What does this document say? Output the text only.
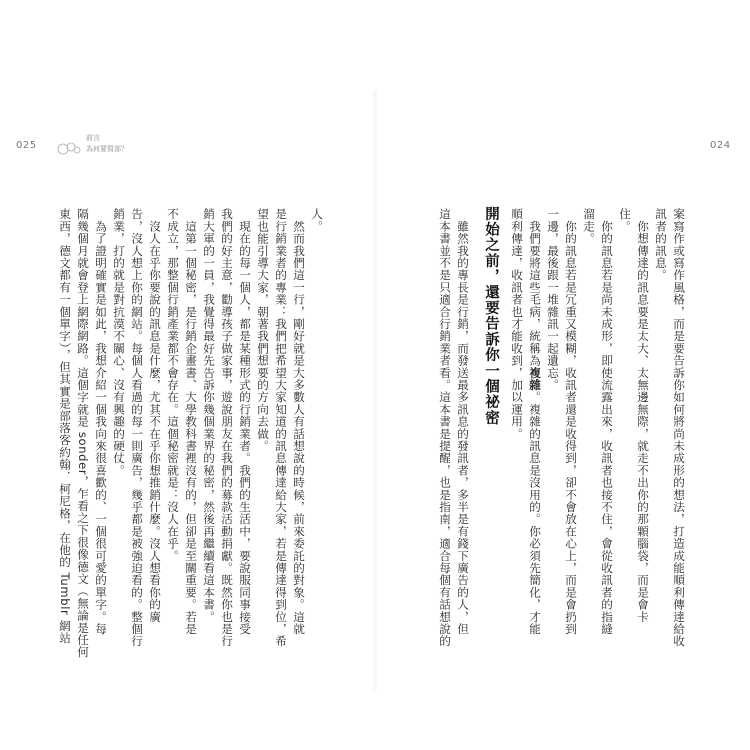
025
前言
為何要寫部？
人。
　然而我們這一行，剛好就是大多數人有話想說的時候，前來委託的對象。這就
是行銷業者的專業：我們把希望大家知道的訊息傳達給大家，若是傳達得到位，希
望也能引導大家，朝著我們想要的方向去做。
　現在的每一個人，都是某種形式的行銷業者。我們的生活中，要說服同事接受
我們的好主意，勸導孩子做家事，遊說朋友在我們的募款活動捐獻。既然你也是行
銷大軍的一員，我覺得最好先告訴你幾個業界的秘密，然後再繼續看這本書。
　這第一個秘密，是行銷企畫書、大學教科書裡沒有的，但卻是至關重要。若是
不成立，那整個行銷產業都不會存在。這個秘密就是：沒人在乎。
　沒人在乎你要說的訊息是什麼，尤其不在乎你想推銷什麼。沒人想看你的廣
告，沒人想上你的網站。每個人看過的每一則廣告，幾乎都是被強迫看的。整個行
銷業，打的就是對抗漠不關心、沒有興趣的硬仗。
　為了證明確實是如此，我想介紹一個我向來很喜歡的、一個很可愛的單字。每
隔幾個月就會登上網際網路。這個字就是 sonder，乍看之下很像德文（無論是任何
東西，德文都有一個單字），但其實是部落客約翰．柯尼格，在他的 Tumblr 網站
024
案寫作或寫作風格，而是要告訴你如何將尚未成形的想法，打造成能順利傳達給收
訊者的訊息。
　你想傳達的訊息要是太大、太無邊無際，就走不出你的那顆腦袋，而是會卡
住。
　你的訊息若是尚未成形，即使流露出來，收訊者也接不住，會從收訊者的指縫
溜走。
　你的訊息若是冗重又模糊，收訊者還是收得到，卻不會放在心上，而是會扔到
一邊，最後跟一堆雜訊一起遺忘。
　我們要將這些毛病，統稱為複雜。複雜的訊息是沒用的。你必須先簡化，才能
順利傳達，收訊者也才能收到，加以運用。
開始之前，還要告訴你一個祕密
　雖然我的專長是行銷，而發送最多訊息的發訊者，多半是有錢下廣告的人，但
這本書並不是只適合行銷業者看。這本書是提醒，也是指南，適合每個有話想說的
